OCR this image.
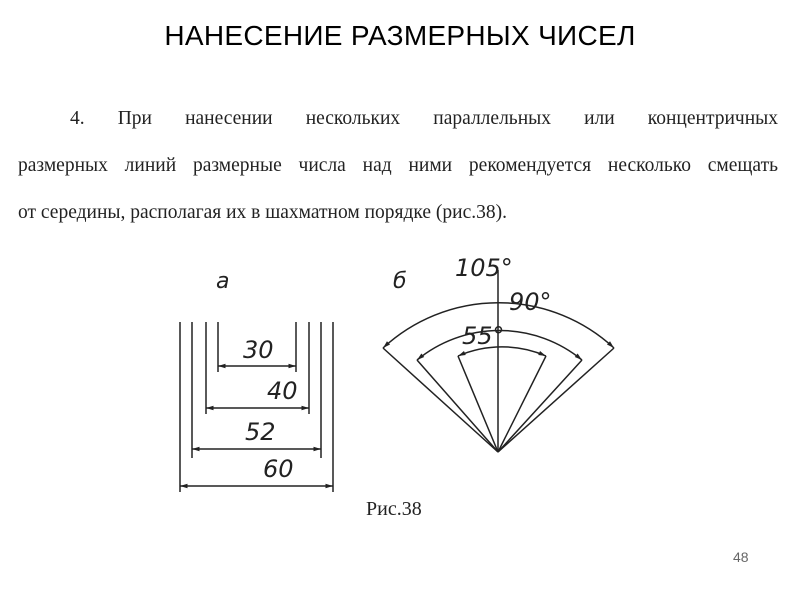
НАНЕСЕНИЕ РАЗМЕРНЫХ ЧИСЕЛ
4. При нанесении нескольких параллельных или концентричных
размерных линий размерные числа над ними рекомендуется несколько смещать
от середины, располагая их в шахматном порядке (рис.38).
а
30
40
52
60
б 105°
90°
55°
Рис.38
48
